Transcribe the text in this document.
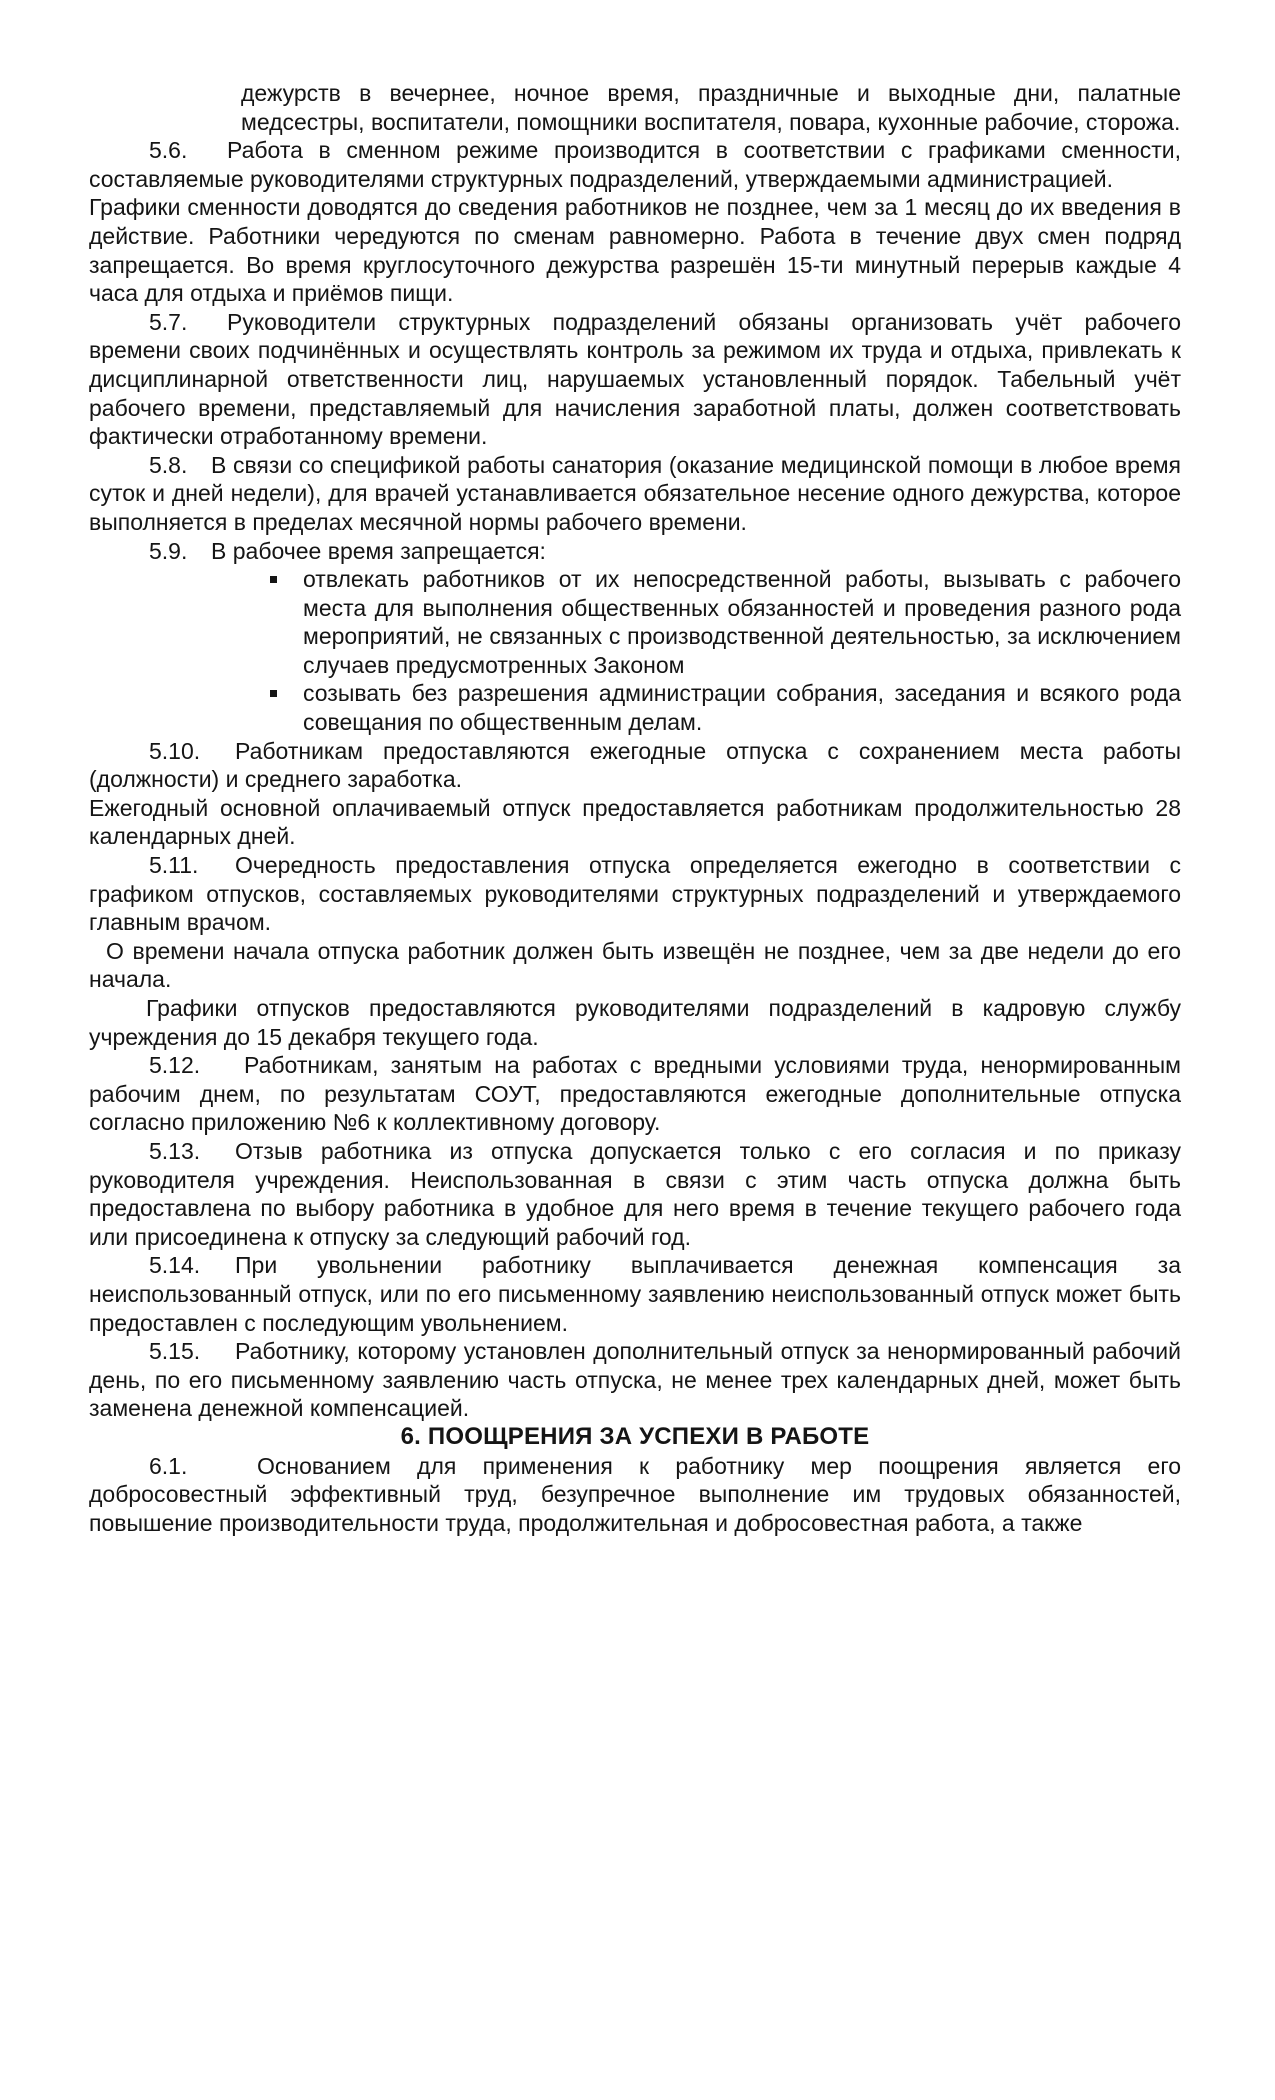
дежурств в вечернее, ночное время, праздничные и выходные дни, палатные медсестры, воспитатели, помощники воспитателя, повара, кухонные рабочие, сторожа.

5.6. Работа в сменном режиме производится в соответствии с графиками сменности, составляемые руководителями структурных подразделений, утверждаемыми администрацией.

Графики сменности доводятся до сведения работников не позднее, чем за 1 месяц до их введения в действие. Работники чередуются по сменам равномерно. Работа в течение двух смен подряд запрещается. Во время круглосуточного дежурства разрешён 15-ти минутный перерыв каждые 4 часа для отдыха и приёмов пищи.

5.7. Руководители структурных подразделений обязаны организовать учёт рабочего времени своих подчинённых и осуществлять контроль за режимом их труда и отдыха, привлекать к дисциплинарной ответственности лиц, нарушаемых установленный порядок. Табельный учёт рабочего времени, представляемый для начисления заработной платы, должен соответствовать фактически отработанному времени.

5.8. В связи со спецификой работы санатория (оказание медицинской помощи в любое время суток и дней недели), для врачей устанавливается обязательное несение одного дежурства, которое выполняется в пределах месячной нормы рабочего времени.

5.9. В рабочее время запрещается:

отвлекать работников от их непосредственной работы, вызывать с рабочего места для выполнения общественных обязанностей и проведения разного рода мероприятий, не связанных с производственной деятельностью, за исключением случаев предусмотренных Законом

созывать без разрешения администрации собрания, заседания и всякого рода совещания по общественным делам.

5.10. Работникам предоставляются ежегодные отпуска с сохранением места работы (должности) и среднего заработка.

Ежегодный основной оплачиваемый отпуск предоставляется работникам продолжительностью 28 календарных дней.

5.11. Очередность предоставления отпуска определяется ежегодно в соответствии с графиком отпусков, составляемых руководителями структурных подразделений и утверждаемого главным врачом.

О времени начала отпуска работник должен быть извещён не позднее, чем за две недели до его начала.

Графики отпусков предоставляются руководителями подразделений в кадровую службу учреждения до 15 декабря текущего года.

5.12. Работникам, занятым на работах с вредными условиями труда, ненормированным рабочим днем, по результатам СОУТ, предоставляются ежегодные дополнительные отпуска согласно приложению №6 к коллективному договору.

5.13. Отзыв работника из отпуска допускается только с его согласия и по приказу руководителя учреждения. Неиспользованная в связи с этим часть отпуска должна быть предоставлена по выбору работника в удобное для него время в течение текущего рабочего года или присоединена к отпуску за следующий рабочий год.

5.14. При увольнении работнику выплачивается денежная компенсация за неиспользованный отпуск, или по его письменному заявлению неиспользованный отпуск может быть предоставлен с последующим увольнением.

5.15. Работнику, которому установлен дополнительный отпуск за ненормированный рабочий день, по его письменному заявлению часть отпуска, не менее трех календарных дней, может быть заменена денежной компенсацией.

6. ПООЩРЕНИЯ ЗА УСПЕХИ В РАБОТЕ

6.1.	Основанием для применения к работнику мер поощрения является его добросовестный эффективный труд, безупречное выполнение им трудовых обязанностей, повышение производительности труда, продолжительная и добросовестная работа, а также
